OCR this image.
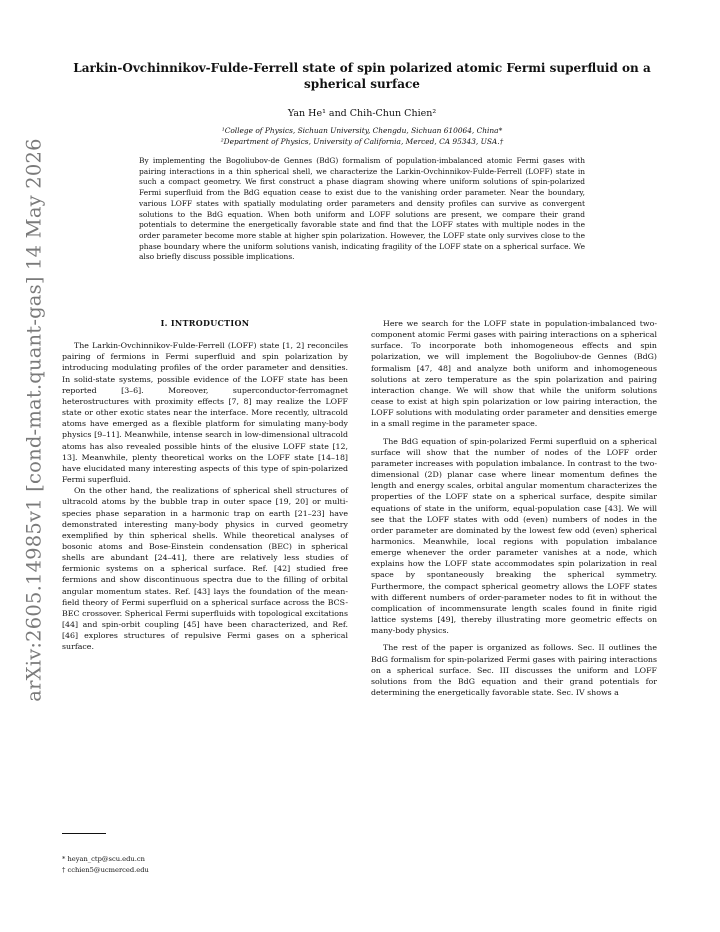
arXiv:2605.14985v1 [cond-mat.quant-gas] 14 May 2026
Larkin-Ovchinnikov-Fulde-Ferrell state of spin polarized atomic Fermi superfluid on a spherical surface
Yan He¹ and Chih-Chun Chien²
¹College of Physics, Sichuan University, Chengdu, Sichuan 610064, China*
²Department of Physics, University of California, Merced, CA 95343, USA.†
By implementing the Bogoliubov-de Gennes (BdG) formalism of population-imbalanced atomic Fermi gases with pairing interactions in a thin spherical shell, we characterize the Larkin-Ovchinnikov-Fulde-Ferrell (LOFF) state in such a compact geometry. We first construct a phase diagram showing where uniform solutions of spin-polarized Fermi superfluid from the BdG equation cease to exist due to the vanishing order parameter. Near the boundary, various LOFF states with spatially modulating order parameters and density profiles can survive as convergent solutions to the BdG equation. When both uniform and LOFF solutions are present, we compare their grand potentials to determine the energetically favorable state and find that the LOFF states with multiple nodes in the order parameter become more stable at higher spin polarization. However, the LOFF state only survives close to the phase boundary where the uniform solutions vanish, indicating fragility of the LOFF state on a spherical surface. We also briefly discuss possible implications.
I. INTRODUCTION

The Larkin-Ovchinnikov-Fulde-Ferrell (LOFF) state [1, 2] reconciles pairing of fermions in Fermi superfluid and spin polarization by introducing modulating profiles of the order parameter and densities. In solid-state systems, possible evidence of the LOFF state has been reported [3–6]. Moreover, superconductor-ferromagnet heterostructures with proximity effects [7, 8] may realize the LOFF state or other exotic states near the interface. More recently, ultracold atoms have emerged as a flexible platform for simulating many-body physics [9–11]. Meanwhile, intense search in low-dimensional ultracold atoms has also revealed possible hints of the elusive LOFF state [12, 13]. Meanwhile, plenty theoretical works on the LOFF state [14–18] have elucidated many interesting aspects of this type of spin-polarized Fermi superfluid.

On the other hand, the realizations of spherical shell structures of ultracold atoms by the bubble trap in outer space [19, 20] or multi-species phase separation in a harmonic trap on earth [21–23] have demonstrated interesting many-body physics in curved geometry exemplified by thin spherical shells. While theoretical analyses of bosonic atoms and Bose-Einstein condensation (BEC) in spherical shells are abundant [24–41], there are relatively less studies of fermionic systems on a spherical surface. Ref. [42] studied free fermions and show discontinuous spectra due to the filling of orbital angular momentum states. Ref. [43] lays the foundation of the mean-field theory of Fermi superfluid on a spherical surface across the BCS-BEC crossover. Spherical Fermi superfluids with topological excitations [44] and spin-orbit coupling [45] have been characterized, and Ref. [46] explores structures of repulsive Fermi gases on a spherical surface.

Here we search for the LOFF state in population-imbalanced two-component atomic Fermi gases with pairing interactions on a spherical surface. To incorporate both inhomogeneous effects and spin polarization, we will implement the Bogoliubov-de Gennes (BdG) formalism [47, 48] and analyze both uniform and inhomogeneous solutions at zero temperature as the spin polarization and pairing interaction change. We will show that while the uniform solutions cease to exist at high spin polarization or low pairing interaction, the LOFF solutions with modulating order parameter and densities emerge in a small regime in the parameter space.

The BdG equation of spin-polarized Fermi superfluid on a spherical surface will show that the number of nodes of the LOFF order parameter increases with population imbalance. In contrast to the two-dimensional (2D) planar case where linear momentum defines the length and energy scales, orbital angular momentum characterizes the properties of the LOFF state on a spherical surface, despite similar equations of state in the uniform, equal-population case [43]. We will see that the LOFF states with odd (even) numbers of nodes in the order parameter are dominated by the lowest few odd (even) spherical harmonics. Meanwhile, local regions with population imbalance emerge whenever the order parameter vanishes at a node, which explains how the LOFF state accommodates spin polarization in real space by spontaneously breaking the spherical symmetry. Furthermore, the compact spherical geometry allows the LOFF states with different numbers of order-parameter nodes to fit in without the complication of incommensurate length scales found in finite rigid lattice systems [49], thereby illustrating more geometric effects on many-body physics.

The rest of the paper is organized as follows. Sec. II outlines the BdG formalism for spin-polarized Fermi gases with pairing interactions on a spherical surface. Sec. III discusses the uniform and LOFF solutions from the BdG equation and their grand potentials for determining the energetically favorable state. Sec. IV shows a

* heyan_ctp@scu.edu.cn
† cchien5@ucmerced.edu
